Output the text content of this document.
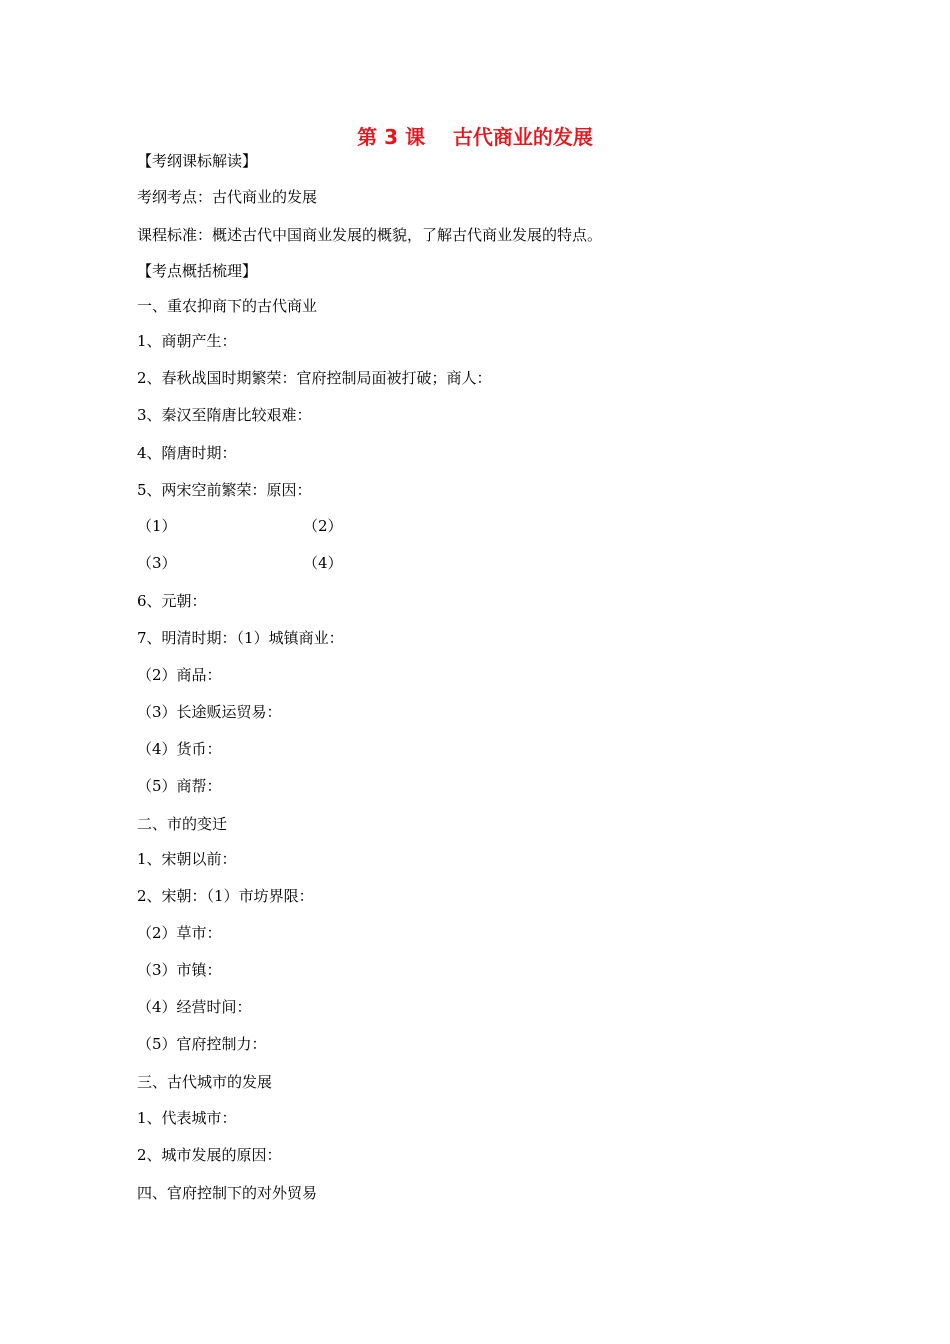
第 3 课    古代商业的发展
【考纲课标解读】
考纲考点：古代商业的发展
课程标准：概述古代中国商业发展的概貌，了解古代商业发展的特点。
【考点概括梳理】
一、重农抑商下的古代商业
1、商朝产生：
2、春秋战国时期繁荣：官府控制局面被打破；商人：
3、秦汉至隋唐比较艰难：
4、隋唐时期：
5、两宋空前繁荣：原因：
（1）	（2）
（3）	（4）
6、元朝：
7、明清时期：（1）城镇商业：
（2）商品：
（3）长途贩运贸易：
（4）货币：
（5）商帮：
二、市的变迁
1、宋朝以前：
2、宋朝：（1）市坊界限：
（2）草市：
（3）市镇：
（4）经营时间：
（5）官府控制力：
三、古代城市的发展
1、代表城市：
2、城市发展的原因：
四、官府控制下的对外贸易
